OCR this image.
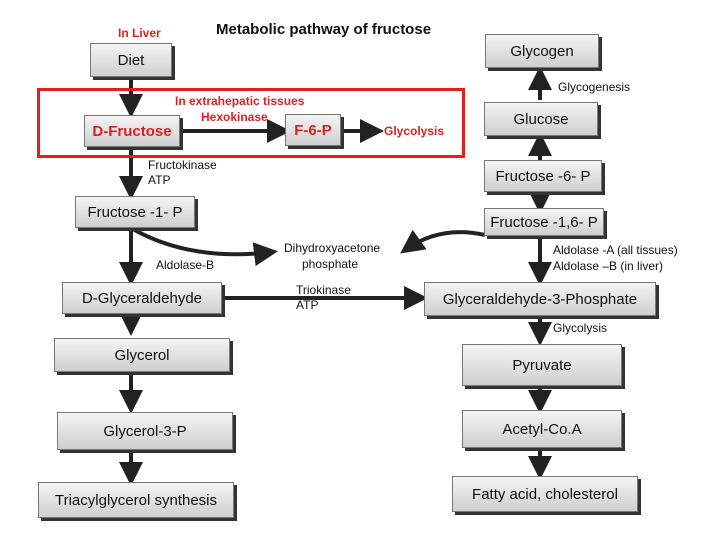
In Liver	Metabolic pathway of fructose
Diet
D-Fructose	F-6-P
Fructose -1- P
D-Glyceraldehyde
Glycerol
Glycerol-3-P
Triacylglycerol synthesis
Glycogen
Glucose
Fructose -6- P
Fructose -1,6- P
Glyceraldehyde-3-Phosphate
Pyruvate
Acetyl-Co.A
Fatty acid, cholesterol
In extrahepatic tissues
Hexokinase
Glycolysis
Fructokinase
ATP
Aldolase-B
Dihydroxyacetone
phosphate
Triokinase
ATP
Glycogenesis
Aldolase -A (all tissues)
Aldolase –B (in liver)
Glycolysis
